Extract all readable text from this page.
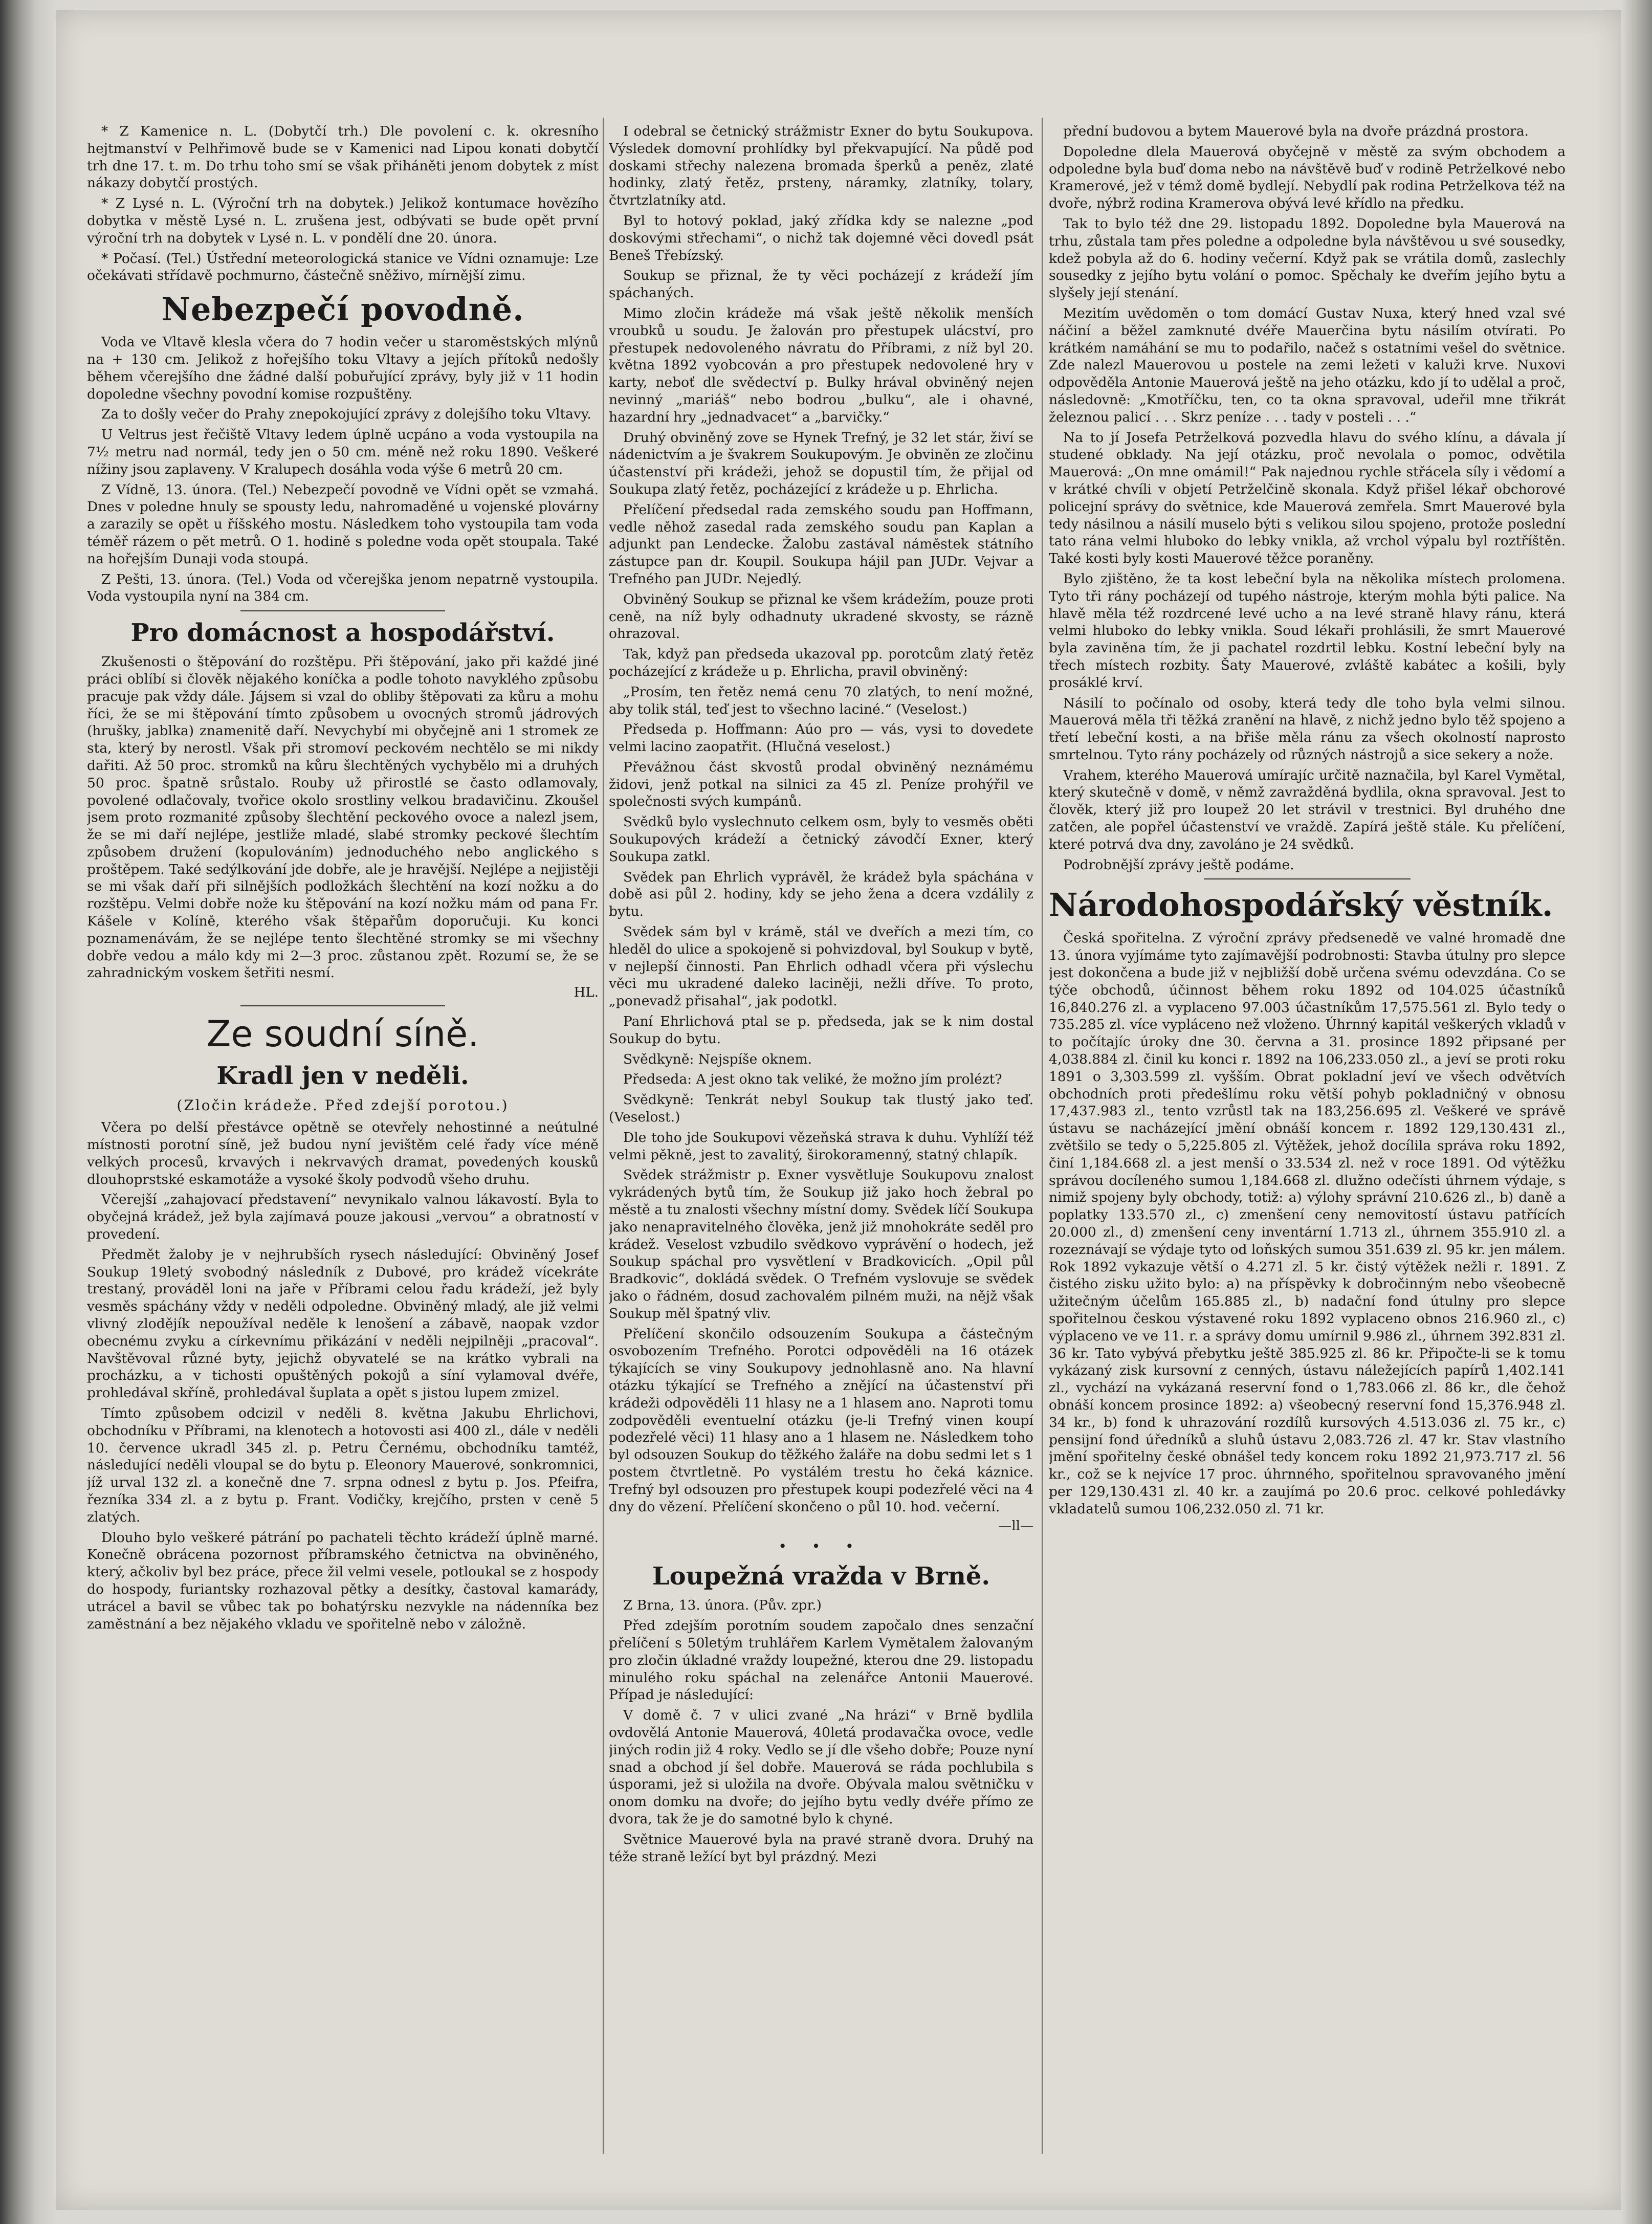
* Z Kamenice n. L. (Dobytčí trh.) Dle povolení c. k. okresního hejtmanství v Pelhřimově bude se v Kamenici nad Lipou konati dobytčí trh dne 17. t. m. Do trhu toho smí se však přiháněti jenom dobytek z míst nákazy dobytčí prostých.

* Z Lysé n. L. (Výroční trh na dobytek.) Jelikož kontumace hovězího dobytka v městě Lysé n. L. zrušena jest, odbývati se bude opět první výroční trh na dobytek v Lysé n. L. v pondělí dne 20. února.

* Počasí. (Tel.) Ústřední meteorologická stanice ve Vídni oznamuje: Lze očekávati střídavě pochmurno, částečně sněživo, mírnější zimu.

Nebezpečí povodně.

Voda ve Vltavě klesla včera do 7 hodin večer u staroměstských mlýnů na + 130 cm. Jelikož z hořejšího toku Vltavy a jejích přítoků nedošly během včerejšího dne žádné další pobuřující zprávy, byly již v 11 hodin dopoledne všechny povodní komise rozpuštěny.

Za to došly večer do Prahy znepokojující zprávy z dolejšího toku Vltavy.

U Veltrus jest řečiště Vltavy ledem úplně ucpáno a voda vystoupila na 7½ metru nad normál, tedy jen o 50 cm. méně než roku 1890. Veškeré nížiny jsou zaplaveny. V Kralupech dosáhla voda výše 6 metrů 20 cm.

Z Vídně, 13. února. (Tel.) Nebezpečí povodně ve Vídni opět se vzmahá. Dnes v poledne hnuly se spousty ledu, nahromaděné u vojenské plovárny a zarazily se opět u říšského mostu. Následkem toho vystoupila tam voda téměř rázem o pět metrů. O 1. hodině s poledne voda opět stoupala. Také na hořejším Dunaji voda stoupá.

Z Pešti, 13. února. (Tel.) Voda od včerejška jenom nepatrně vystoupila. Voda vystoupila nyní na 384 cm.

Pro domácnost a hospodářství.

Zkušenosti o štěpování do rozštěpu. Při štěpování, jako při každé jiné práci oblíbí si člověk nějakého koníčka a podle tohoto navyklého způsobu pracuje pak vždy dále. Jájsem si vzal do obliby štěpovati za kůru a mohu říci, že se mi štěpování tímto způsobem u ovocných stromů jádrových (hrušky, jablka) znamenitě daří. Nevychybí mi obyčejně ani 1 stromek ze sta, který by nerostl. Však při stromoví peckovém nechtělo se mi nikdy dařiti. Až 50 proc. stromků na kůru šlechtěných vychybělo mi a druhých 50 proc. špatně srůstalo. Rouby už přirostlé se často odlamovaly, povolené odlačovaly, tvořice okolo srostliny velkou bradavičinu. Zkoušel jsem proto rozmanité způsoby šlechtění peckového ovoce a nalezl jsem, že se mi daří nejlépe, jestliže mladé, slabé stromky peckové šlechtím způsobem družení (kopulováním) jednoduchého nebo anglického s proštěpem. Také sedýlkování jde dobře, ale je hravější. Nejlépe a nejjistěji se mi však daří při silnějších podložkách šlechtění na kozí nožku a do rozštěpu. Velmi dobře nože ku štěpování na kozí nožku mám od pana Fr. Kášele v Kolíně, kterého však štěpařům doporučuji. Ku konci poznamenávám, že se nejlépe tento šlechtěné stromky se mi všechny dobře vedou a málo kdy mi 2—3 proc. zůstanou zpět. Rozumí se, že se zahradnickým voskem šetřiti nesmí.

HL.
Ze soudní síně.
Kradl jen v neděli.
(Zločin krádeže. Před zdejší porotou.)

Včera po delší přestávce opětně se otevřely nehostinné a neútulné místnosti porotní síně, jež budou nyní jevištěm celé řady více méně velkých procesů, krvavých i nekrvavých dramat, povedených kousků dlouhoprstské eskamotáže a vysoké školy podvodů všeho druhu.

Včerejší „zahajovací představení“ nevynikalo valnou lákavostí. Byla to obyčejná krádež, jež byla zajímavá pouze jakousi „vervou“ a obratností v provedení.

Předmět žaloby je v nejhrubších rysech následující: Obviněný Josef Soukup 19letý svobodný následník z Dubové, pro krádež vícekráte trestaný, prováděl loni na jaře v Příbrami celou řadu krádeží, jež byly vesměs spáchány vždy v neděli odpoledne. Obviněný mladý, ale již velmi vlivný zlodějík nepoužíval neděle k lenošení a zábavě, naopak vzdor obecnému zvyku a církevnímu přikázání v neděli nejpilněji „pracoval“. Navštěvoval různé byty, jejichž obyvatelé se na krátko vybrali na procházku, a v tichosti opuštěných pokojů a síní vylamoval dvéře, prohledával skříně, prohledával šuplata a opět s jistou lupem zmizel.

Tímto způsobem odcizil v neděli 8. května Jakubu Ehrlichovi, obchodníku v Příbrami, na klenotech a hotovosti asi 400 zl., dále v neděli 10. července ukradl 345 zl. p. Petru Černému, obchodníku tamtéž, následující neděli vloupal se do bytu p. Eleonory Mauerové, sonkromnici, jíž urval 132 zl. a konečně dne 7. srpna odnesl z bytu p. Jos. Pfeifra, řezníka 334 zl. a z bytu p. Frant. Vodičky, krejčího, prsten v ceně 5 zlatých.

Dlouho bylo veškeré pátrání po pachateli těchto krádeží úplně marné. Konečně obrácena pozornost příbramského četnictva na obviněného, který, ačkoliv byl bez práce, přece žil velmi vesele, potloukal se z hospody do hospody, furiantsky rozhazoval pětky a desítky, častoval kamarády, utrácel a bavil se vůbec tak po bohatýrsku nezvykle na nádenníka bez zaměstnání a bez nějakého vkladu ve spořitelně nebo v záložně.

I odebral se četnický strážmistr Exner do bytu Soukupova. Výsledek domovní prohlídky byl překvapující. Na půdě pod doskami střechy nalezena bromada šperků a peněz, zlaté hodinky, zlatý řetěz, prsteny, náramky, zlatníky, tolary, čtvrtzlatníky atd.

Byl to hotový poklad, jaký zřídka kdy se nalezne „pod doskovými střechami“, o nichž tak dojemné věci dovedl psát Beneš Třebízský.

Soukup se přiznal, že ty věci pocházejí z krádeží jím spáchaných.

Mimo zločin krádeže má však ještě několik menších vroubků u soudu. Je žalován pro přestupek ulácství, pro přestupek nedovoleného návratu do Příbrami, z níž byl 20. května 1892 vyobcován a pro přestupek nedovolené hry v karty, neboť dle svědectví p. Bulky hrával obviněný nejen nevinný „mariáš“ nebo bodrou „bulku“, ale i ohavné, hazardní hry „jednadvacet“ a „barvičky.“

Druhý obviněný zove se Hynek Trefný, je 32 let stár, živí se nádenictvím a je švakrem Soukupovým. Je obviněn ze zločinu účastenství při krádeži, jehož se dopustil tím, že přijal od Soukupa zlatý řetěz, pocházející z krádeže u p. Ehrlicha.

Přelíčení předsedal rada zemského soudu pan Hoffmann, vedle něhož zasedal rada zemského soudu pan Kaplan a adjunkt pan Lendecke. Žalobu zastával náměstek státního zástupce pan dr. Koupil. Soukupa hájil pan JUDr. Vejvar a Trefného pan JUDr. Nejedlý.

Obviněný Soukup se přiznal ke všem krádežím, pouze proti ceně, na níž byly odhadnuty ukradené skvosty, se rázně ohrazoval.

Tak, když pan předseda ukazoval pp. porotcům zlatý řetěz pocházející z krádeže u p. Ehrlicha, pravil obviněný:

„Prosím, ten řetěz nemá cenu 70 zlatých, to není možné, aby tolik stál, teď jest to všechno laciné.“ (Veselost.)

Předseda p. Hoffmann: Aúo pro — vás, vysi to dovedete velmi lacino zaopatřit. (Hlučná veselost.)

Převážnou část skvostů prodal obviněný neznámému židovi, jenž potkal na silnici za 45 zl. Peníze prohýřil ve společnosti svých kumpánů.

Svědků bylo vyslechnuto celkem osm, byly to vesměs oběti Soukupových krádeží a četnický závodčí Exner, který Soukupa zatkl.

Svědek pan Ehrlich vyprávěl, že krádež byla spáchána v době asi půl 2. hodiny, kdy se jeho žena a dcera vzdálily z bytu.

Svědek sám byl v krámě, stál ve dveřích a mezi tím, co hleděl do ulice a spokojeně si pohvizdoval, byl Soukup v bytě, v nejlepší činnosti. Pan Ehrlich odhadl včera při výslechu věci mu ukradené daleko laciněji, nežli dříve. To proto, „ponevadž přisahal“, jak podotkl.

Paní Ehrlichová ptal se p. předseda, jak se k nim dostal Soukup do bytu.

Svědkyně: Nejspíše oknem.

Předseda: A jest okno tak veliké, že možno jím prolézt?

Svědkyně: Tenkrát nebyl Soukup tak tlustý jako teď. (Veselost.)

Dle toho jde Soukupovi vězeňská strava k duhu. Vyhlíží též velmi pěkně, jest to zavalitý, širokoramenný, statný chlapík.

Svědek strážmistr p. Exner vysvětluje Soukupovu znalost vykrádených bytů tím, že Soukup již jako hoch žebral po městě a tu znalosti všechny místní domy. Svědek líčí Soukupa jako nenapravitelného člověka, jenž již mnohokráte seděl pro krádež. Veselost vzbudilo svědkovo vyprávění o hodech, jež Soukup spáchal pro vysvětlení v Bradkovicích. „Opil půl Bradkovic“, dokládá svědek. O Trefném vyslovuje se svědek jako o řádném, dosud zachovalém pilném muži, na nějž však Soukup měl špatný vliv.

Přelíčení skončilo odsouzením Soukupa a částečným osvobozením Trefného. Porotci odpověděli na 16 otázek týkajících se viny Soukupovy jednohlasně ano. Na hlavní otázku týkající se Trefného a znějící na účastenství při krádeži odpověděli 11 hlasy ne a 1 hlasem ano. Naproti tomu zodpověděli eventuelní otázku (je-li Trefný vinen koupí podezřelé věci) 11 hlasy ano a 1 hlasem ne. Následkem toho byl odsouzen Soukup do těžkého žaláře na dobu sedmi let s 1 postem čtvrtletně. Po vystálém trestu ho čeká káznice. Trefný byl odsouzen pro přestupek koupi podezřelé věci na 4 dny do vězení. Přelíčení skončeno o půl 10. hod. večerní.

—ll—
• • •
Loupežná vražda v Brně.

Z Brna, 13. února. (Pův. zpr.)

Před zdejším porotním soudem započalo dnes senzační přelíčení s 50letým truhlářem Karlem Vymětalem žalovaným pro zločin úkladné vraždy loupežné, kterou dne 29. listopadu minulého roku spáchal na zelenářce Antonii Mauerové. Případ je následující:

V domě č. 7 v ulici zvané „Na hrázi“ v Brně bydlila ovdovělá Antonie Mauerová, 40letá prodavačka ovoce, vedle jiných rodin již 4 roky. Vedlo se jí dle všeho dobře; Pouze nyní snad a obchod jí šel dobře. Mauerová se ráda pochlubila s úsporami, jež si uložila na dvoře. Obývala malou světničku v onom domku na dvoře; do jejího bytu vedly dvéře přímo ze dvora, tak že je do samotné bylo k chyné.

Světnice Mauerové byla na pravé straně dvora. Druhý na téže straně ležící byt byl prázdný. Mezi

přední budovou a bytem Mauerové byla na dvoře prázdná prostora.

Dopoledne dlela Mauerová obyčejně v městě za svým obchodem a odpoledne byla buď doma nebo na návštěvě buď v rodině Petrželkové nebo Kramerové, jež v témž domě bydlejí. Nebydlí pak rodina Petrželkova též na dvoře, nýbrž rodina Kramerova obývá levé křídlo na předku.

Tak to bylo též dne 29. listopadu 1892. Dopoledne byla Mauerová na trhu, zůstala tam přes poledne a odpoledne byla návštěvou u své sousedky, kdež pobyla až do 6. hodiny večerní. Když pak se vrátila domů, zaslechly sousedky z jejího bytu volání o pomoc. Spěchaly ke dveřím jejího bytu a slyšely její stenání.

Mezitím uvědoměn o tom domácí Gustav Nuxa, který hned vzal své náčiní a běžel zamknuté dvéře Mauerčina bytu násilím otvírati. Po krátkém namáhání se mu to podařilo, načež s ostatními vešel do světnice. Zde nalezl Mauerovou u postele na zemi ležeti v kaluži krve. Nuxovi odpověděla Antonie Mauerová ještě na jeho otázku, kdo jí to udělal a proč, následovně: „Kmotříčku, ten, co ta okna spravoval, udeřil mne třikrát železnou palicí . . . Skrz peníze . . . tady v posteli . . .“

Na to jí Josefa Petrželková pozvedla hlavu do svého klínu, a dávala jí studené obklady. Na její otázku, proč nevolala o pomoc, odvětila Mauerová: „On mne omámil!“ Pak najednou rychle střácela síly i vědomí a v krátké chvíli v objetí Petrželčině skonala. Když přišel lékař obchorové policejní správy do světnice, kde Mauerová zemřela. Smrt Mauerové byla tedy násilnou a násilí muselo býti s velikou silou spojeno, protože poslední tato rána velmi hluboko do lebky vnikla, až vrchol výpalu byl roztříštěn. Také kosti byly kosti Mauerové těžce poraněny.

Bylo zjištěno, že ta kost lebeční byla na několika místech prolomena. Tyto tři rány pocházejí od tupého nástroje, kterým mohla býti palice. Na hlavě měla též rozdrcené levé ucho a na levé straně hlavy ránu, která velmi hluboko do lebky vnikla. Soud lékaři prohlásili, že smrt Mauerové byla zaviněna tím, že ji pachatel rozdrtil lebku. Kostní lebeční byly na třech místech rozbity. Šaty Mauerové, zvláště kabátec a košili, byly prosáklé krví.

Násilí to počínalo od osoby, která tedy dle toho byla velmi silnou. Mauerová měla tři těžká zranění na hlavě, z nichž jedno bylo těž spojeno a třetí lebeční kosti, a na břiše měla ránu za všech okolností naprosto smrtelnou. Tyto rány pocházely od různých nástrojů a sice sekery a nože.

Vrahem, kterého Mauerová umírajíc určitě naznačila, byl Karel Vymětal, který skutečně v domě, v němž zavražděná bydlila, okna spravoval. Jest to člověk, který již pro loupež 20 let strávil v trestnici. Byl druhého dne zatčen, ale popřel účastenství ve vraždě. Zapírá ještě stále. Ku přelíčení, které potrvá dva dny, zavoláno je 24 svědků.

Podrobnější zprávy ještě podáme.

Národohospodářský věstník.

Česká spořitelna. Z výroční zprávy předsenedě ve valné hromadě dne 13. února vyjímáme tyto zajímavější podrobnosti: Stavba útulny pro slepce jest dokončena a bude již v nejbližší době určena svému odevzdána. Co se týče obchodů, účinnost během roku 1892 od 104.025 účastníků 16,840.276 zl. a vyplaceno 97.003 účastníkům 17,575.561 zl. Bylo tedy o 735.285 zl. více vypláceno než vloženo. Úhrnný kapitál veškerých vkladů v to počítajíc úroky dne 30. června a 31. prosince 1892 připsané per 4,038.884 zl. činil ku konci r. 1892 na 106,233.050 zl., a jeví se proti roku 1891 o 3,303.599 zl. vyšším. Obrat pokladní jeví ve všech odvětvích obchodních proti předešlímu roku větší pohyb pokladničný v obnosu 17,437.983 zl., tento vzrůstl tak na 183,256.695 zl. Veškeré ve správě ústavu se nacházející jmění obnáší koncem r. 1892 129,130.431 zl., zvětšilo se tedy o 5,225.805 zl. Výtěžek, jehož docílila správa roku 1892, činí 1,184.668 zl. a jest menší o 33.534 zl. než v roce 1891. Od výtěžku správou docíleného sumou 1,184.668 zl. dlužno odečísti úhrnem výdaje, s nimiž spojeny byly obchody, totiž: a) výlohy správní 210.626 zl., b) daně a poplatky 133.570 zl., c) zmenšení ceny nemovitostí ústavu patřících 20.000 zl., d) zmenšení ceny inventární 1.713 zl., úhrnem 355.910 zl. a rozeznávají se výdaje tyto od loňských sumou 351.639 zl. 95 kr. jen málem. Rok 1892 vykazuje větší o 4.271 zl. 5 kr. čistý výtěžek nežli r. 1891. Z čistého zisku užito bylo: a) na příspěvky k dobročinným nebo všeobecně užitečným účelům 165.885 zl., b) nadační fond útulny pro slepce spořitelnou českou výstavené roku 1892 vyplaceno obnos 216.960 zl., c) výplaceno ve ve 11. r. a správy domu umírnil 9.986 zl., úhrnem 392.831 zl. 36 kr. Tato vybývá přebytku ještě 385.925 zl. 86 kr. Připočte-li se k tomu vykázaný zisk kursovní z cenných, ústavu náležejících papírů 1,402.141 zl., vychází na vykázaná reservní fond o 1,783.066 zl. 86 kr., dle čehož obnáší koncem prosince 1892: a) všeobecný reservní fond 15,376.948 zl. 34 kr., b) fond k uhrazování rozdílů kursových 4.513.036 zl. 75 kr., c) pensijní fond úředníků a sluhů ústavu 2,083.726 zl. 47 kr. Stav vlastního jmění spořitelny české obnášel tedy koncem roku 1892 21,973.717 zl. 56 kr., což se k nejvíce 17 proc. úhrnného, spořitelnou spravovaného jmění per 129,130.431 zl. 40 kr. a zaujímá po 20.6 proc. celkové pohledávky vkladatelů sumou 106,232.050 zl. 71 kr.
